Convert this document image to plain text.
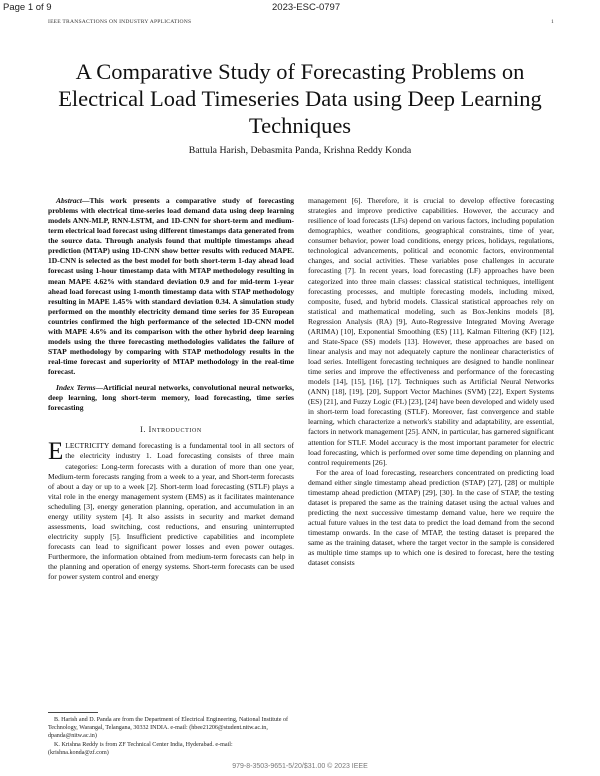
Page 1 of 9	2023-ESC-0797
IEEE TRANSACTIONS ON INDUSTRY APPLICATIONS	1
A Comparative Study of Forecasting Problems on Electrical Load Timeseries Data using Deep Learning Techniques
Battula Harish, Debasmita Panda, Krishna Reddy Konda

Abstract—This work presents a comparative study of forecasting problems with electrical time-series load demand data using deep learning models ANN-MLP, RNN-LSTM, and 1D-CNN for short-term and medium-term electrical load forecast using different timestamps data generated from the source data. Through analysis found that multiple timestamps ahead prediction (MTAP) using 1D-CNN show better results with reduced MAPE. 1D-CNN is selected as the best model for both short-term 1-day ahead load forecast using 1-hour timestamp data with MTAP methodology resulting in mean MAPE 4.62% with standard deviation 0.9 and for mid-term 1-year ahead load forecast using 1-month timestamp data with STAP methodology resulting in MAPE 1.45% with standard deviation 0.34. A simulation study performed on the monthly electricity demand time series for 35 European countries confirmed the high performance of the selected 1D-CNN model with MAPE 4.6% and its comparison with the other hybrid deep learning models using the three forecasting methodologies validates the failure of STAP methodology by comparing with STAP methodology results in the real-time forecast and superiority of MTAP methodology in the real-time forecast.

Index Terms—Artificial neural networks, convolutional neural networks, deep learning, long short-term memory, load forecasting, time series forecasting

I. Introduction

ELECTRICITY demand forecasting is a fundamental tool in all sectors of the electricity industry 1. Load forecasting consists of three main categories: Long-term forecasts with a duration of more than one year, Medium-term forecasts ranging from a week to a year, and Short-term forecasts of about a day or up to a week [2]. Short-term load forecasting (STLF) plays a vital role in the energy management system (EMS) as it facilitates maintenance scheduling [3], energy generation planning, operation, and accumulation in an energy utility system [4]. It also assists in security and market demand assessments, load switching, cost reductions, and ensuring uninterrupted electricity supply [5]. Insufficient predictive capabilities and incomplete forecasts can lead to significant power losses and even power outages. Furthermore, the information obtained from medium-term forecasts can help in the planning and operation of energy systems. Short-term forecasts can be used for power system control and energy

management [6]. Therefore, it is crucial to develop effective forecasting strategies and improve predictive capabilities. However, the accuracy and resilience of load forecasts (LFs) depend on various factors, including population demographics, weather conditions, geographical constraints, time of year, consumer behavior, power load conditions, energy prices, holidays, regulations, technological advancements, political and economic factors, environmental changes, and social activities. These variables pose challenges in accurate forecasting [7]. In recent years, load forecasting (LF) approaches have been categorized into three main classes: classical statistical techniques, intelligent forecasting processes, and multiple forecasting models, including mixed, composite, fused, and hybrid models. Classical statistical approaches rely on statistical and mathematical modeling, such as Box-Jenkins models [8], Regression Analysis (RA) [9], Auto-Regressive Integrated Moving Average (ARIMA) [10], Exponential Smoothing (ES) [11], Kalman Filtering (KF) [12], and State-Space (SS) models [13]. However, these approaches are based on linear analysis and may not adequately capture the nonlinear characteristics of load series. Intelligent forecasting techniques are designed to handle nonlinear time series and improve the effectiveness and performance of the forecasting models [14], [15], [16], [17]. Techniques such as Artificial Neural Networks (ANN) [18], [19], [20], Support Vector Machines (SVM) [22], Expert Systems (ES) [21], and Fuzzy Logic (FL) [23], [24] have been developed and widely used in short-term load forecasting (STLF). Moreover, fast convergence and stable learning, which characterize a network's stability and adaptability, are essential, factors in network management [25]. ANN, in particular, has garnered significant attention for STLF. Model accuracy is the most important parameter for electric load forecasting, which is performed over some time depending on planning and control requirements [26].

For the area of load forecasting, researchers concentrated on predicting load demand either single timestamp ahead prediction (STAP) [27], [28] or multiple timestamp ahead prediction (MTAP) [29], [30]. In the case of STAP, the testing dataset is prepared the same as the training dataset using the actual values and predicting the next successive timestamp demand value, here we require the actual future values in the test data to predict the load demand from the second timestamp onwards. In the case of MTAP, the testing dataset is prepared the same as the training dataset, where the target vector in the sample is considered as multiple time stamps up to which one is desired to forecast, here the testing dataset consists

B. Harish and D. Panda are from the Department of Electrical Engineering, National Institute of Technology, Warangal, Telangana, 30332 INDIA. e-mail: (hbee21206@student.nitw.ac.in, dpanda@nitw.ac.in)

K. Krishna Reddy is from ZF Technical Center India, Hyderabad. e-mail: (krishna.konda@zf.com)

979-8-3503-9651-5/20/$31.00 © 2023 IEEE
